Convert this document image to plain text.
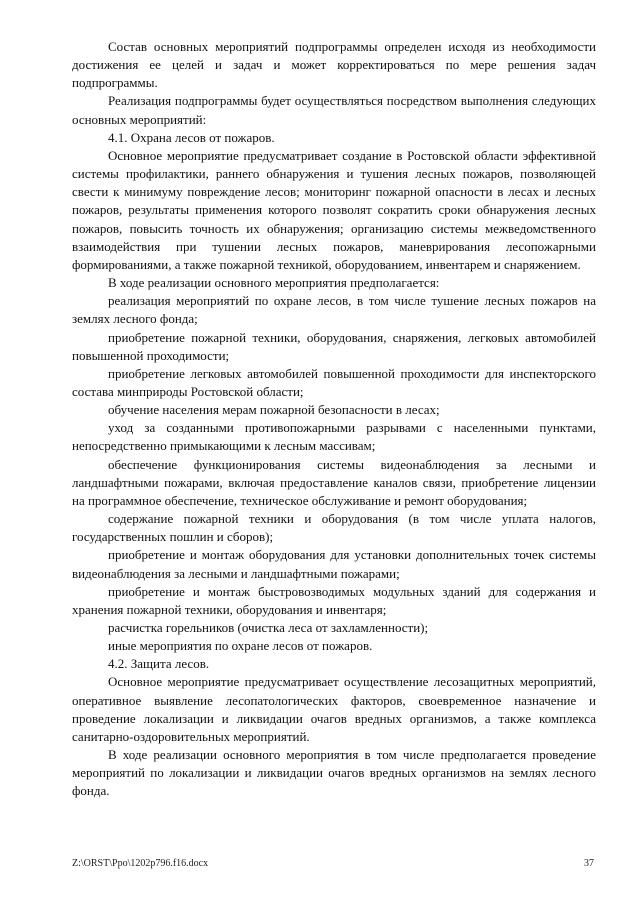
Состав основных мероприятий подпрограммы определен исходя из необходимости достижения ее целей и задач и может корректироваться по мере решения задач подпрограммы.

Реализация подпрограммы будет осуществляться посредством выполнения следующих основных мероприятий:

4.1. Охрана лесов от пожаров.

Основное мероприятие предусматривает создание в Ростовской области эффективной системы профилактики, раннего обнаружения и тушения лесных пожаров, позволяющей свести к минимуму повреждение лесов; мониторинг пожарной опасности в лесах и лесных пожаров, результаты применения которого позволят сократить сроки обнаружения лесных пожаров, повысить точность их обнаружения; организацию системы межведомственного взаимодействия при тушении лесных пожаров, маневрирования лесопожарными формированиями, а также пожарной техникой, оборудованием, инвентарем и снаряжением.

В ходе реализации основного мероприятия предполагается:

реализация мероприятий по охране лесов, в том числе тушение лесных пожаров на землях лесного фонда;

приобретение пожарной техники, оборудования, снаряжения, легковых автомобилей повышенной проходимости;

приобретение легковых автомобилей повышенной проходимости для инспекторского состава минприроды Ростовской области;

обучение населения мерам пожарной безопасности в лесах;

уход за созданными противопожарными разрывами с населенными пунктами, непосредственно примыкающими к лесным массивам;

обеспечение функционирования системы видеонаблюдения за лесными и ландшафтными пожарами, включая предоставление каналов связи, приобретение лицензии на программное обеспечение, техническое обслуживание и ремонт оборудования;

содержание пожарной техники и оборудования (в том числе уплата налогов, государственных пошлин и сборов);

приобретение и монтаж оборудования для установки дополнительных точек системы видеонаблюдения за лесными и ландшафтными пожарами;

приобретение и монтаж быстровозводимых модульных зданий для содержания и хранения пожарной техники, оборудования и инвентаря;

расчистка горельников (очистка леса от захламленности);

иные мероприятия по охране лесов от пожаров.

4.2. Защита лесов.

Основное мероприятие предусматривает осуществление лесозащитных мероприятий, оперативное выявление лесопатологических факторов, своевременное назначение и проведение локализации и ликвидации очагов вредных организмов, а также комплекса санитарно-оздоровительных мероприятий.

В ходе реализации основного мероприятия в том числе предполагается проведение мероприятий по локализации и ликвидации очагов вредных организмов на землях лесного фонда.

Z:\ORST\Ppo\1202p796.f16.docx	37
